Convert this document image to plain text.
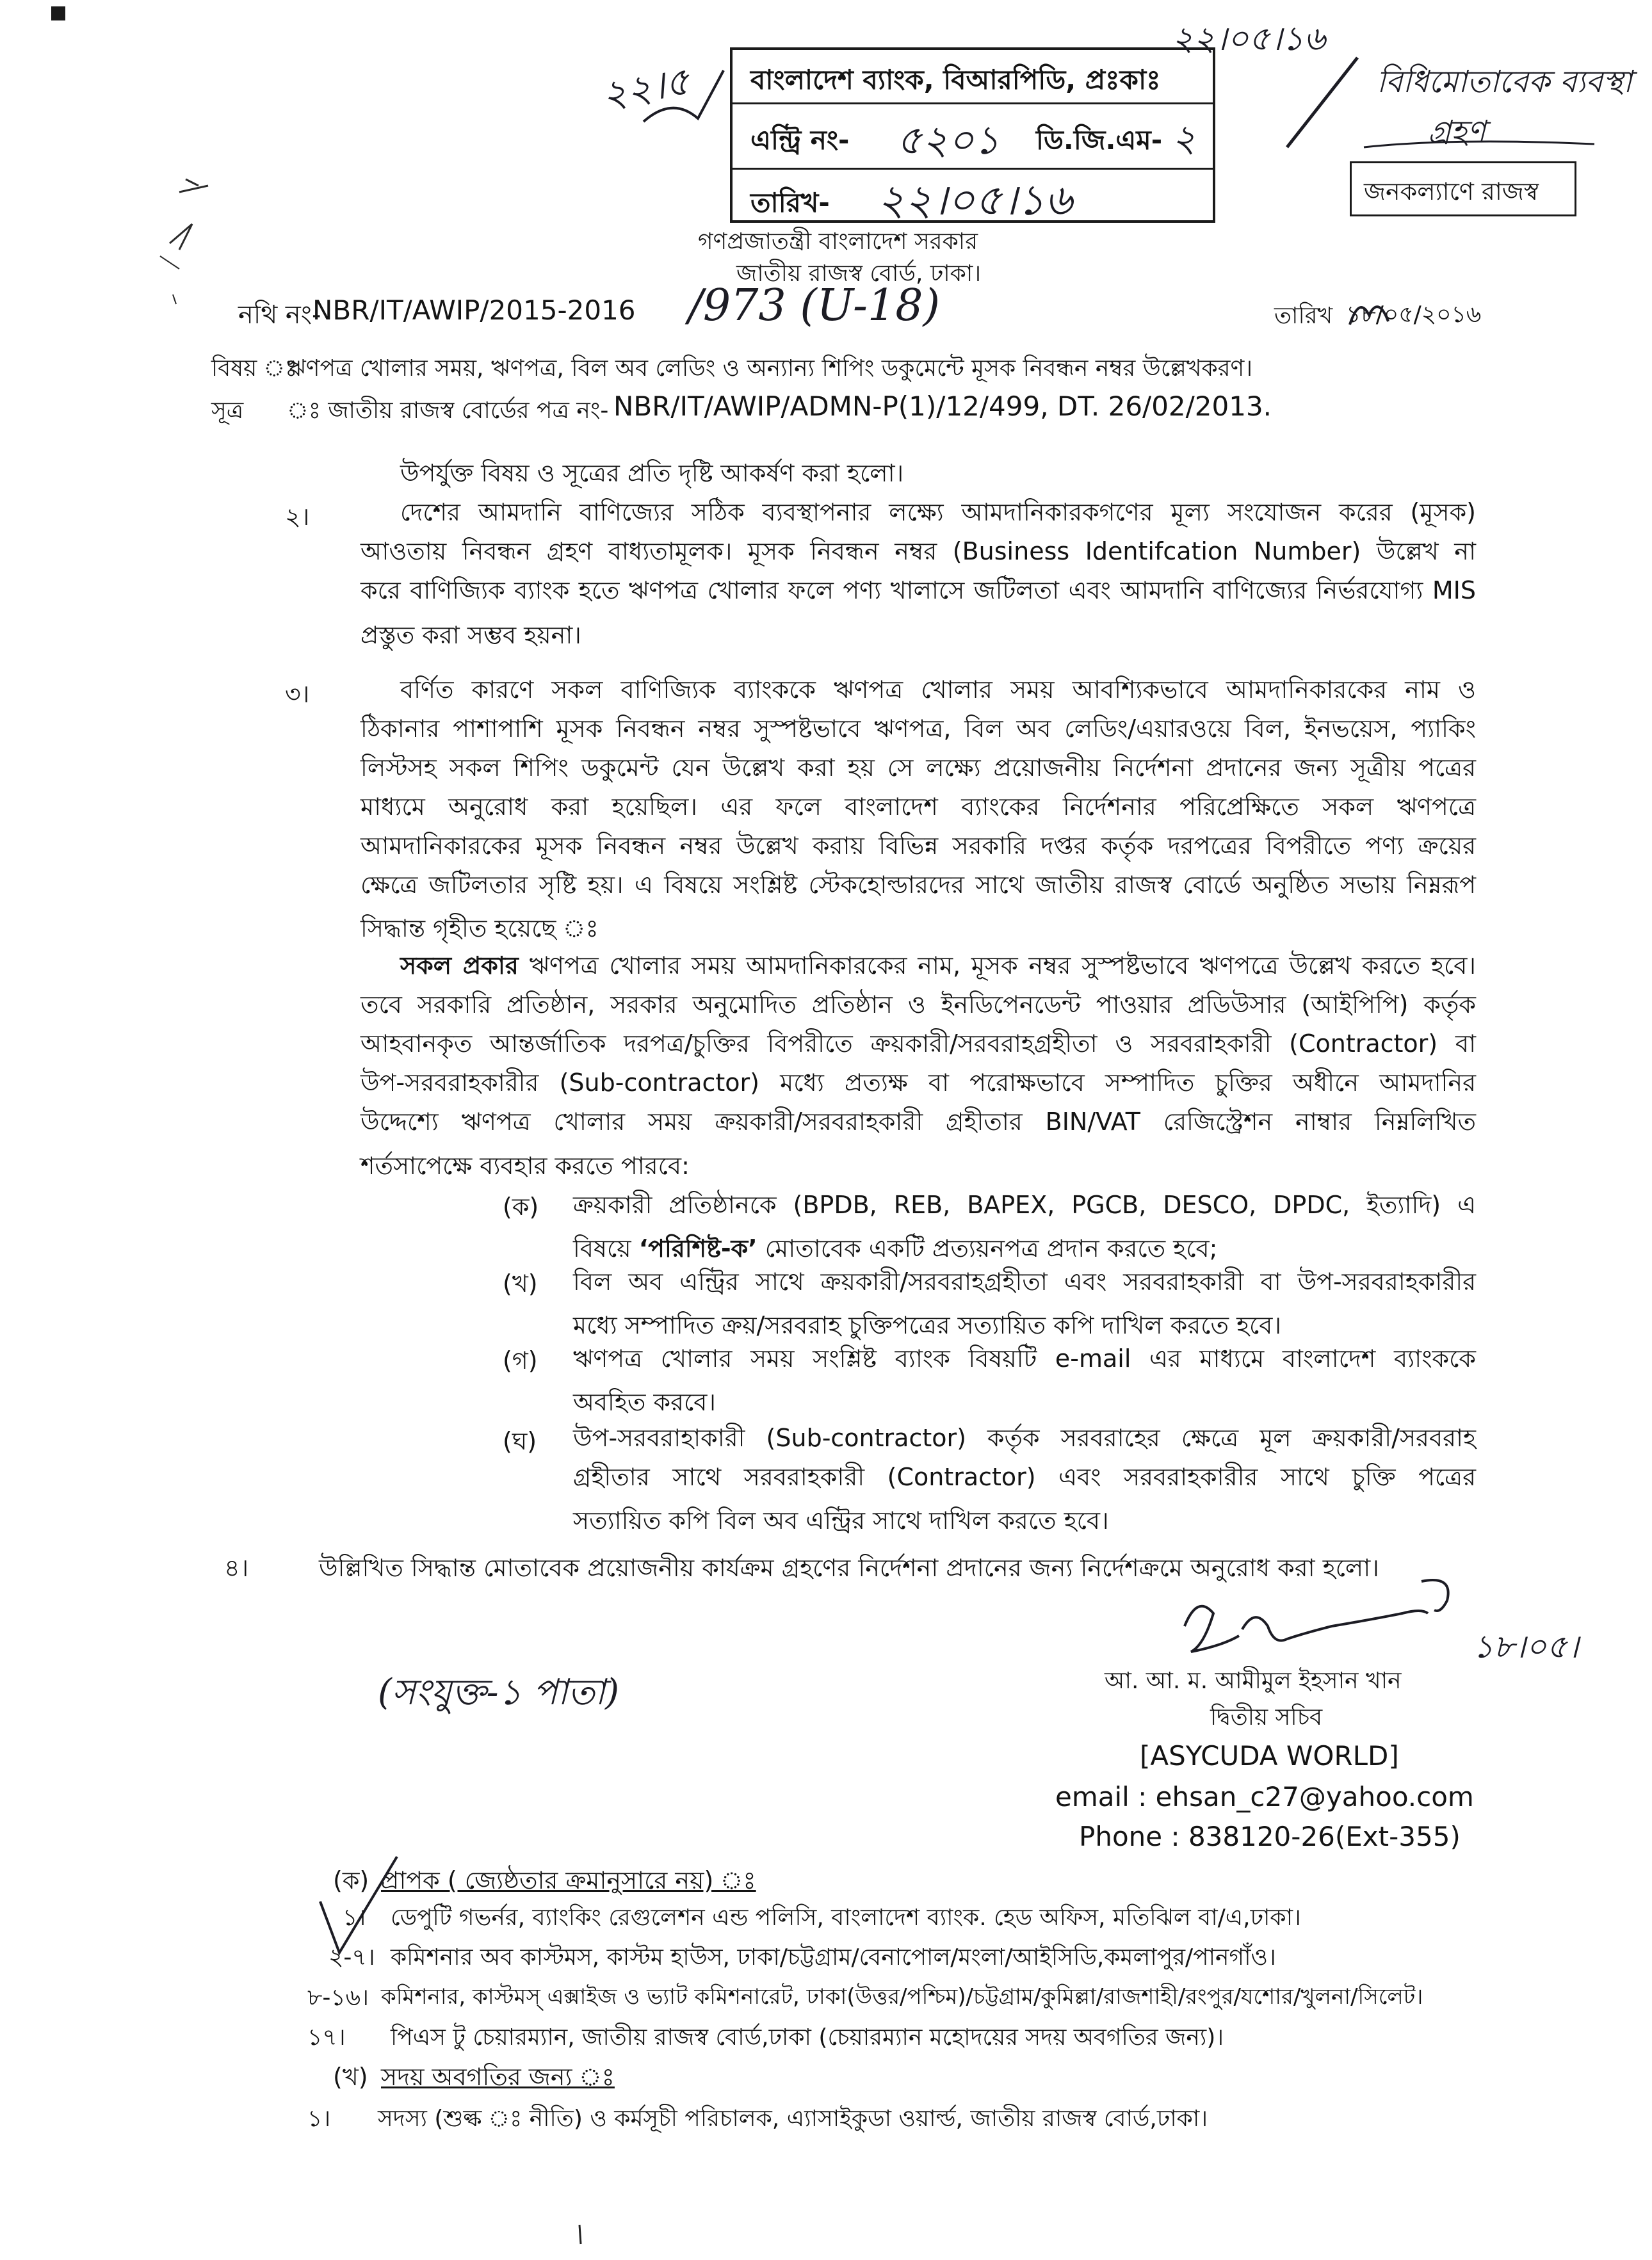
বাংলাদেশ ব্যাংক, বিআরপিডি, প্রঃকাঃ
এন্ট্রি নং- ৫২০১ ডি.জি.এম- ২
তারিখ- ২২।০৫।১৬
২২।০৫।১৬
২২।৫	বিধিমোতাবেক ব্যবস্থা
গ্রহণ
জনকল্যাণে রাজস্ব
গণপ্রজাতন্ত্রী বাংলাদেশ সরকার
জাতীয় রাজস্ব বোর্ড, ঢাকা।
নথি নং-
NBR/IT/AWIP/2015-2016 /973 (U-18)	তারিখ ১৮/০৫/২০১৬
বিষয় ঃ
ঋণপত্র খোলার সময়, ঋণপত্র, বিল অব লেডিং ও অন্যান্য শিপিং ডকুমেন্টে মূসক নিবন্ধন নম্বর উল্লেখকরণ।
সূত্র ঃ জাতীয় রাজস্ব বোর্ডের পত্র নং- NBR/IT/AWIP/ADMN-P(1)/12/499, DT. 26/02/2013.
উপর্যুক্ত বিষয় ও সূত্রের প্রতি দৃষ্টি আকর্ষণ করা হলো।
২।	দেশের আমদানি বাণিজ্যের সঠিক ব্যবস্থাপনার লক্ষ্যে আমদানিকারকগণের মূল্য সংযোজন করের (মূসক)
আওতায় নিবন্ধন গ্রহণ বাধ্যতামূলক। মূসক নিবন্ধন নম্বর (Business Identifcation Number) উল্লেখ না
করে বাণিজ্যিক ব্যাংক হতে ঋণপত্র খোলার ফলে পণ্য খালাসে জটিলতা এবং আমদানি বাণিজ্যের নির্ভরযোগ্য MIS
প্রস্তুত করা সম্ভব হয়না।
৩।	বর্ণিত কারণে সকল বাণিজ্যিক ব্যাংককে ঋণপত্র খোলার সময় আবশ্যিকভাবে আমদানিকারকের নাম ও
ঠিকানার পাশাপাশি মূসক নিবন্ধন নম্বর সুস্পষ্টভাবে ঋণপত্র, বিল অব লেডিং/এয়ারওয়ে বিল, ইনভয়েস, প্যাকিং
লিস্টসহ সকল শিপিং ডকুমেন্ট যেন উল্লেখ করা হয় সে লক্ষ্যে প্রয়োজনীয় নির্দেশনা প্রদানের জন্য সূত্রীয় পত্রের
মাধ্যমে অনুরোধ করা হয়েছিল। এর ফলে বাংলাদেশ ব্যাংকের নির্দেশনার পরিপ্রেক্ষিতে সকল ঋণপত্রে
আমদানিকারকের মূসক নিবন্ধন নম্বর উল্লেখ করায় বিভিন্ন সরকারি দপ্তর কর্তৃক দরপত্রের বিপরীতে পণ্য ক্রয়ের
ক্ষেত্রে জটিলতার সৃষ্টি হয়। এ বিষয়ে সংশ্লিষ্ট স্টেকহোল্ডারদের সাথে জাতীয় রাজস্ব বোর্ডে অনুষ্ঠিত সভায় নিম্নরূপ
সিদ্ধান্ত গৃহীত হয়েছে ঃ
সকল প্রকার ঋণপত্র খোলার সময় আমদানিকারকের নাম, মূসক নম্বর সুস্পষ্টভাবে ঋণপত্রে উল্লেখ করতে হবে।
তবে সরকারি প্রতিষ্ঠান, সরকার অনুমোদিত প্রতিষ্ঠান ও ইনডিপেনডেন্ট পাওয়ার প্রডিউসার (আইপিপি) কর্তৃক
আহবানকৃত আন্তর্জাতিক দরপত্র/চুক্তির বিপরীতে ক্রয়কারী/সরবরাহগ্রহীতা ও সরবরাহকারী (Contractor) বা
উপ-সরবরাহকারীর (Sub-contractor) মধ্যে প্রত্যক্ষ বা পরোক্ষভাবে সম্পাদিত চুক্তির অধীনে আমদানির
উদ্দেশ্যে ঋণপত্র খোলার সময় ক্রয়কারী/সরবরাহকারী গ্রহীতার BIN/VAT রেজিস্ট্রেশন নাম্বার নিম্নলিখিত
শর্তসাপেক্ষে ব্যবহার করতে পারবে:
(ক) ক্রয়কারী প্রতিষ্ঠানকে (BPDB, REB, BAPEX, PGCB, DESCO, DPDC, ইত্যাদি) এ
বিষয়ে ‘পরিশিষ্ট-ক’ মোতাবেক একটি প্রত্যয়নপত্র প্রদান করতে হবে;
(খ) বিল অব এন্ট্রির সাথে ক্রয়কারী/সরবরাহগ্রহীতা এবং সরবরাহকারী বা উপ-সরবরাহকারীর
মধ্যে সম্পাদিত ক্রয়/সরবরাহ চুক্তিপত্রের সত্যায়িত কপি দাখিল করতে হবে।
(গ) ঋণপত্র খোলার সময় সংশ্লিষ্ট ব্যাংক বিষয়টি e-mail এর মাধ্যমে বাংলাদেশ ব্যাংককে
অবহিত করবে।
(ঘ) উপ-সরবরাহাকারী (Sub-contractor) কর্তৃক সরবরাহের ক্ষেত্রে মূল ক্রয়কারী/সরবরাহ
গ্রহীতার সাথে সরবরাহকারী (Contractor) এবং সরবরাহকারীর সাথে চুক্তি পত্রের
সত্যায়িত কপি বিল অব এন্ট্রির সাথে দাখিল করতে হবে।
৪।	উল্লিখিত সিদ্ধান্ত মোতাবেক প্রয়োজনীয় কার্যক্রম গ্রহণের নির্দেশনা প্রদানের জন্য নির্দেশক্রমে অনুরোধ করা হলো।
১৮।০৫।
আ. আ. ম. আমীমুল ইহসান খান
দ্বিতীয় সচিব
[ASYCUDA WORLD]
email : ehsan_c27@yahoo.com
Phone : 838120-26(Ext-355)
(সংযুক্ত-১ পাতা)
(ক) প্রাপক ( জ্যেষ্ঠতার ক্রমানুসারে নয়) ঃ
১। ডেপুটি গভর্নর, ব্যাংকিং রেগুলেশন এন্ড পলিসি, বাংলাদেশ ব্যাংক. হেড অফিস, মতিঝিল বা/এ,ঢাকা।
২-৭। কমিশনার অব কাস্টমস, কাস্টম হাউস, ঢাকা/চট্টগ্রাম/বেনাপোল/মংলা/আইসিডি,কমলাপুর/পানগাঁও।
৮-১৬। কমিশনার, কাস্টমস্ এক্সাইজ ও ভ্যাট কমিশনারেট, ঢাকা(উত্তর/পশ্চিম)/চট্টগ্রাম/কুমিল্লা/রাজশাহী/রংপুর/যশোর/খুলনা/সিলেট।
১৭। পিএস টু চেয়ারম্যান, জাতীয় রাজস্ব বোর্ড,ঢাকা (চেয়ারম্যান মহোদয়ের সদয় অবগতির জন্য)।
(খ) সদয় অবগতির জন্য ঃ
১। সদস্য (শুল্ক ঃ নীতি) ও কর্মসূচী পরিচালক, এ্যাসাইকুডা ওয়ার্ল্ড, জাতীয় রাজস্ব বোর্ড,ঢাকা।
